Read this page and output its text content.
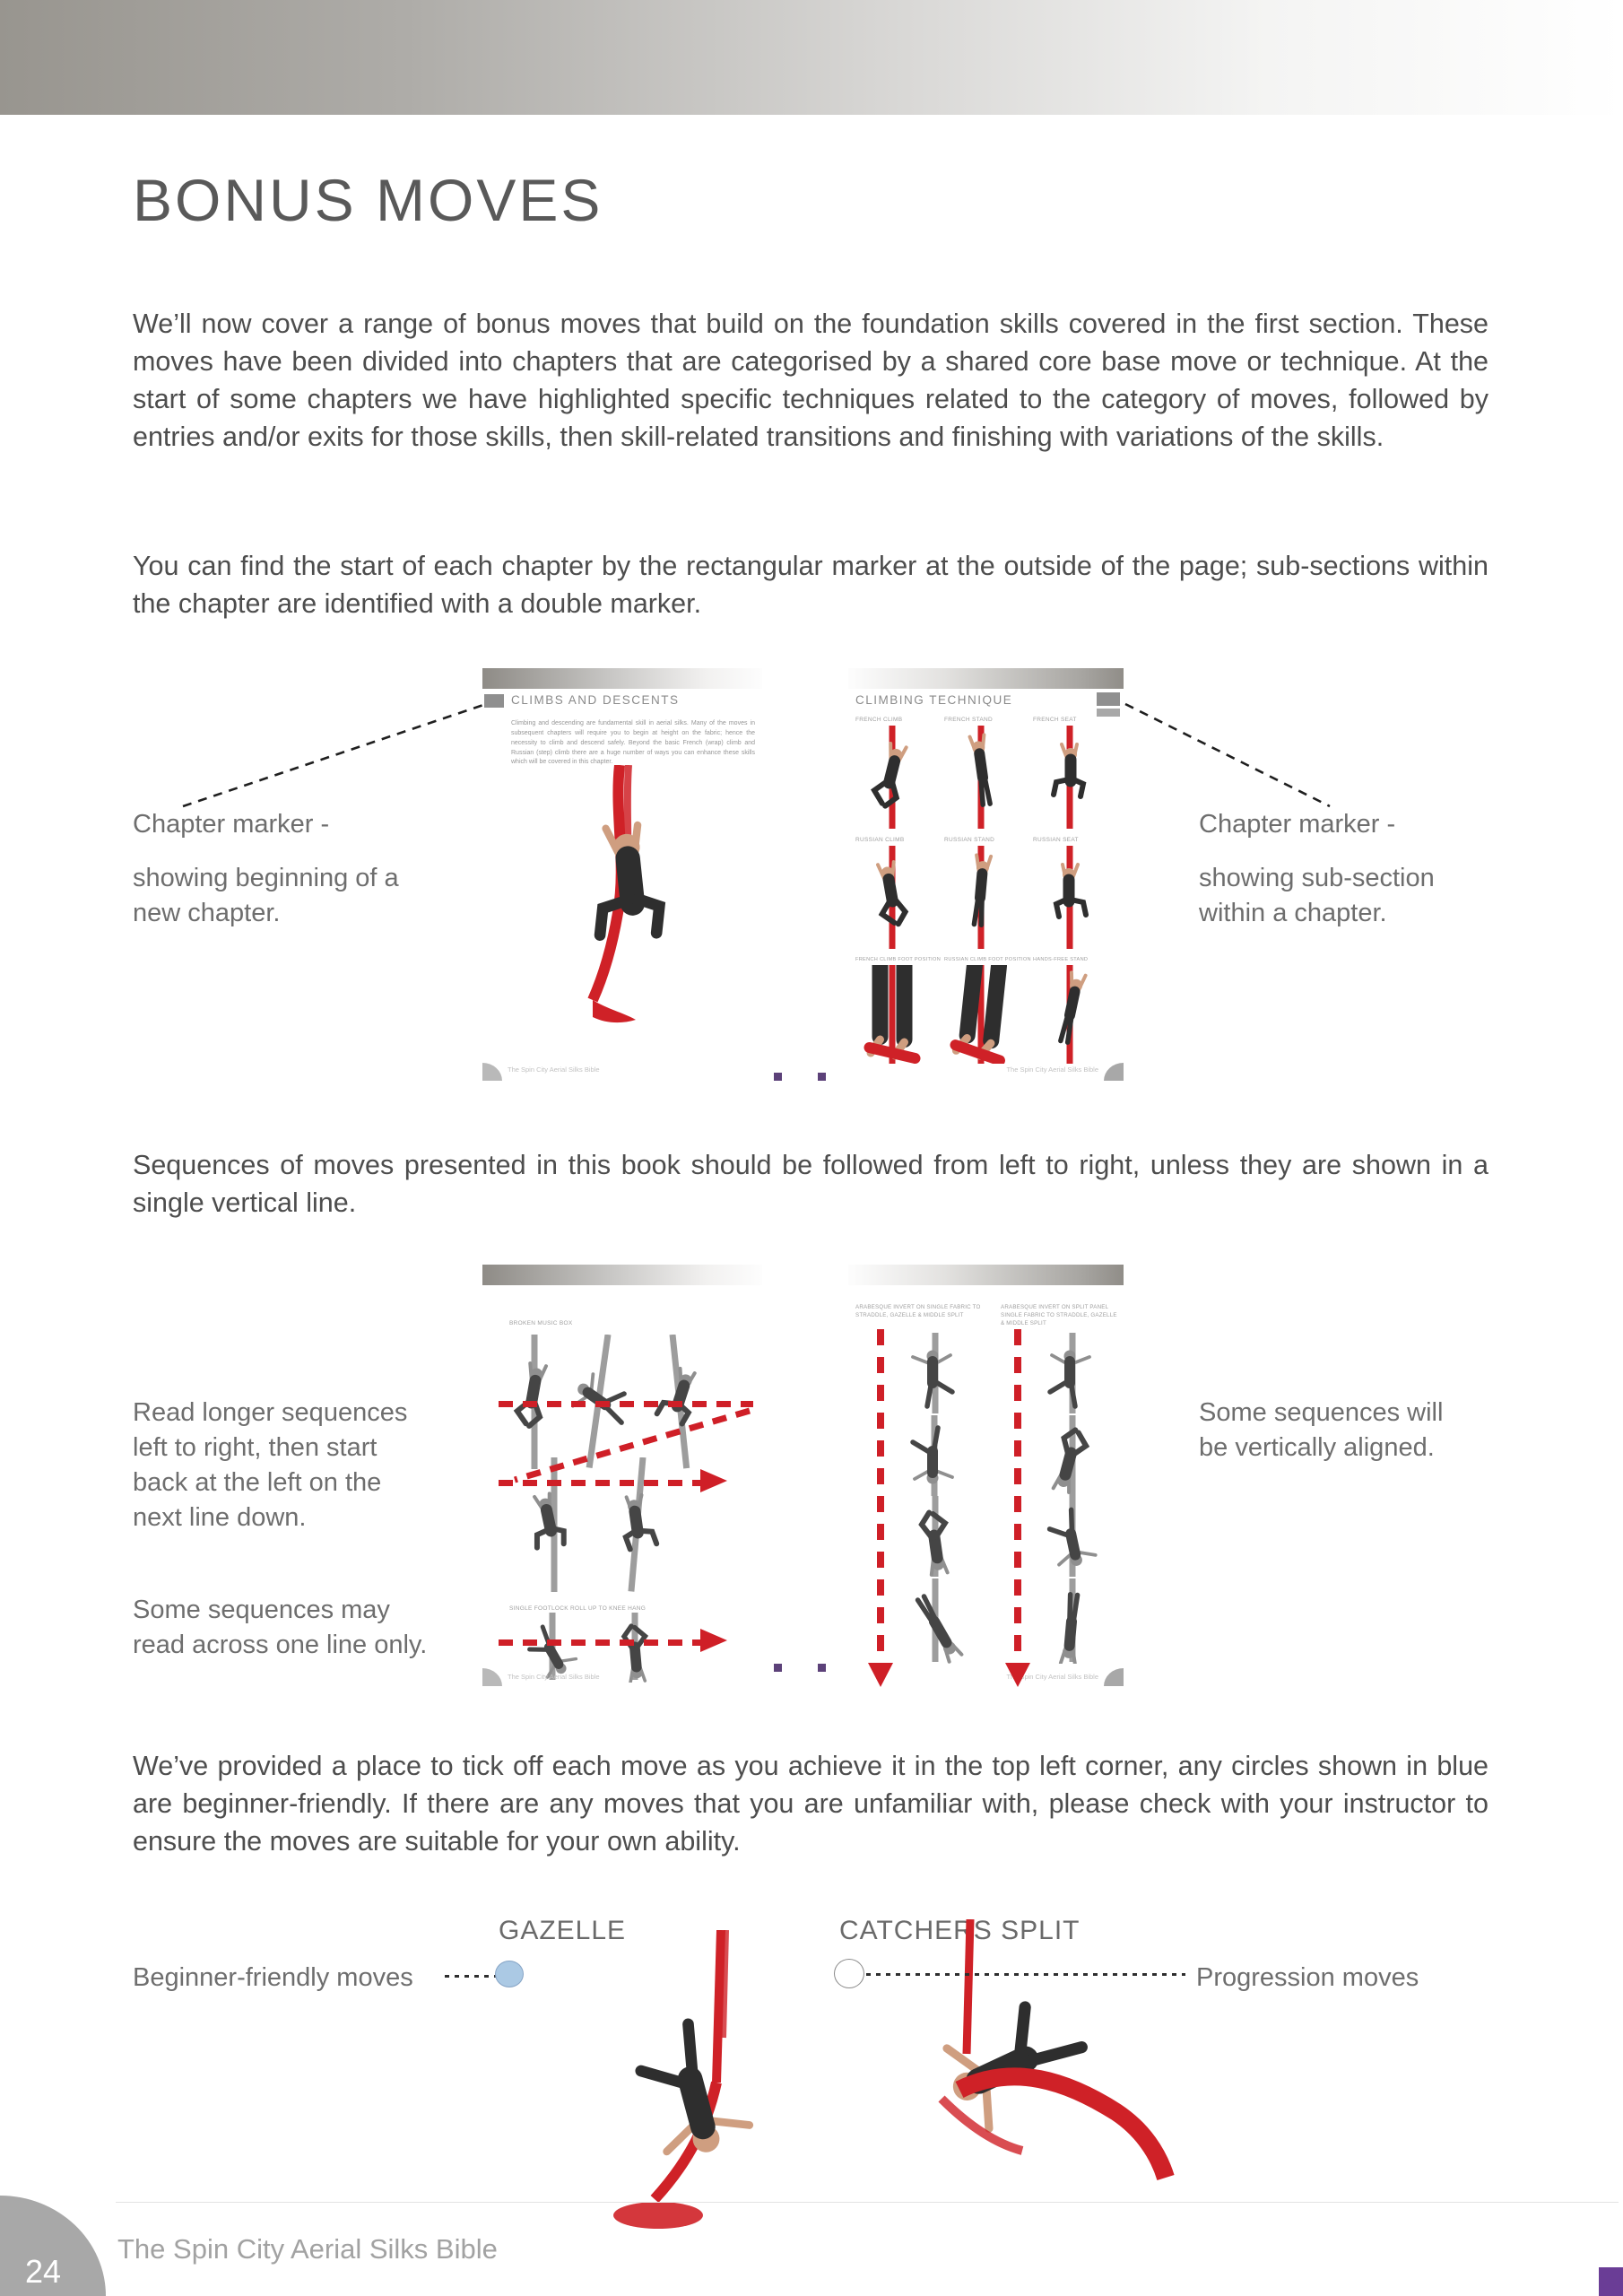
BONUS MOVES

We’ll now cover a range of bonus moves that build on the foundation skills covered in the first section. These moves have been divided into chapters that are categorised by a shared core base move or technique. At the start of some chapters we have highlighted specific techniques related to the category of moves, followed by entries and/or exits for those skills, then skill-related transitions and finishing with variations of the skills.

You can find the start of each chapter by the rectangular marker at the outside of the page; sub-sections within the chapter are identified with a double marker.

CLIMBS AND DESCENTS
Climbing and descending are fundamental skill in aerial silks. Many of the moves in subsequent chapters will require you to begin at height on the fabric; hence the necessity to climb and descend safely. Beyond the basic French (wrap) climb and Russian (step) climb there are a huge number of ways you can enhance these skills which will be covered in this chapter.
The Spin City Aerial Silks Bible
CLIMBING TECHNIQUE
FRENCH CLIMB	FRENCH STAND	FRENCH SEAT
RUSSIAN CLIMB	RUSSIAN STAND	RUSSIAN SEAT
FRENCH CLIMB FOOT POSITION RUSSIAN CLIMB FOOT POSITION HANDS-FREE STAND
The Spin City Aerial Silks Bible
Chapter marker -
showing beginning of a new chapter.
Chapter marker -
showing sub-section within a chapter.

Sequences of moves presented in this book should be followed from left to right, unless they are shown in a single vertical line.

BROKEN MUSIC BOX
SINGLE FOOTLOCK ROLL UP TO KNEE HANG
The Spin City Aerial Silks Bible
ARABESQUE INVERT ON SINGLE FABRIC TO STRADDLE, GAZELLE & MIDDLE SPLIT
ARABESQUE INVERT ON SPLIT PANEL SINGLE FABRIC TO STRADDLE, GAZELLE & MIDDLE SPLIT
The Spin City Aerial Silks Bible
Read longer sequences left to right, then start back at the left on the next line down.
Some sequences may read across one line only.
Some sequences will be vertically aligned.

We’ve provided a place to tick off each move as you achieve it in the top left corner, any circles shown in blue are beginner-friendly. If there are any moves that you are unfamiliar with, please check with your instructor to ensure the moves are suitable for your own ability.

GAZELLE	CATCHERS SPLIT
Beginner-friendly moves	Progression moves
The Spin City Aerial Silks Bible
24
